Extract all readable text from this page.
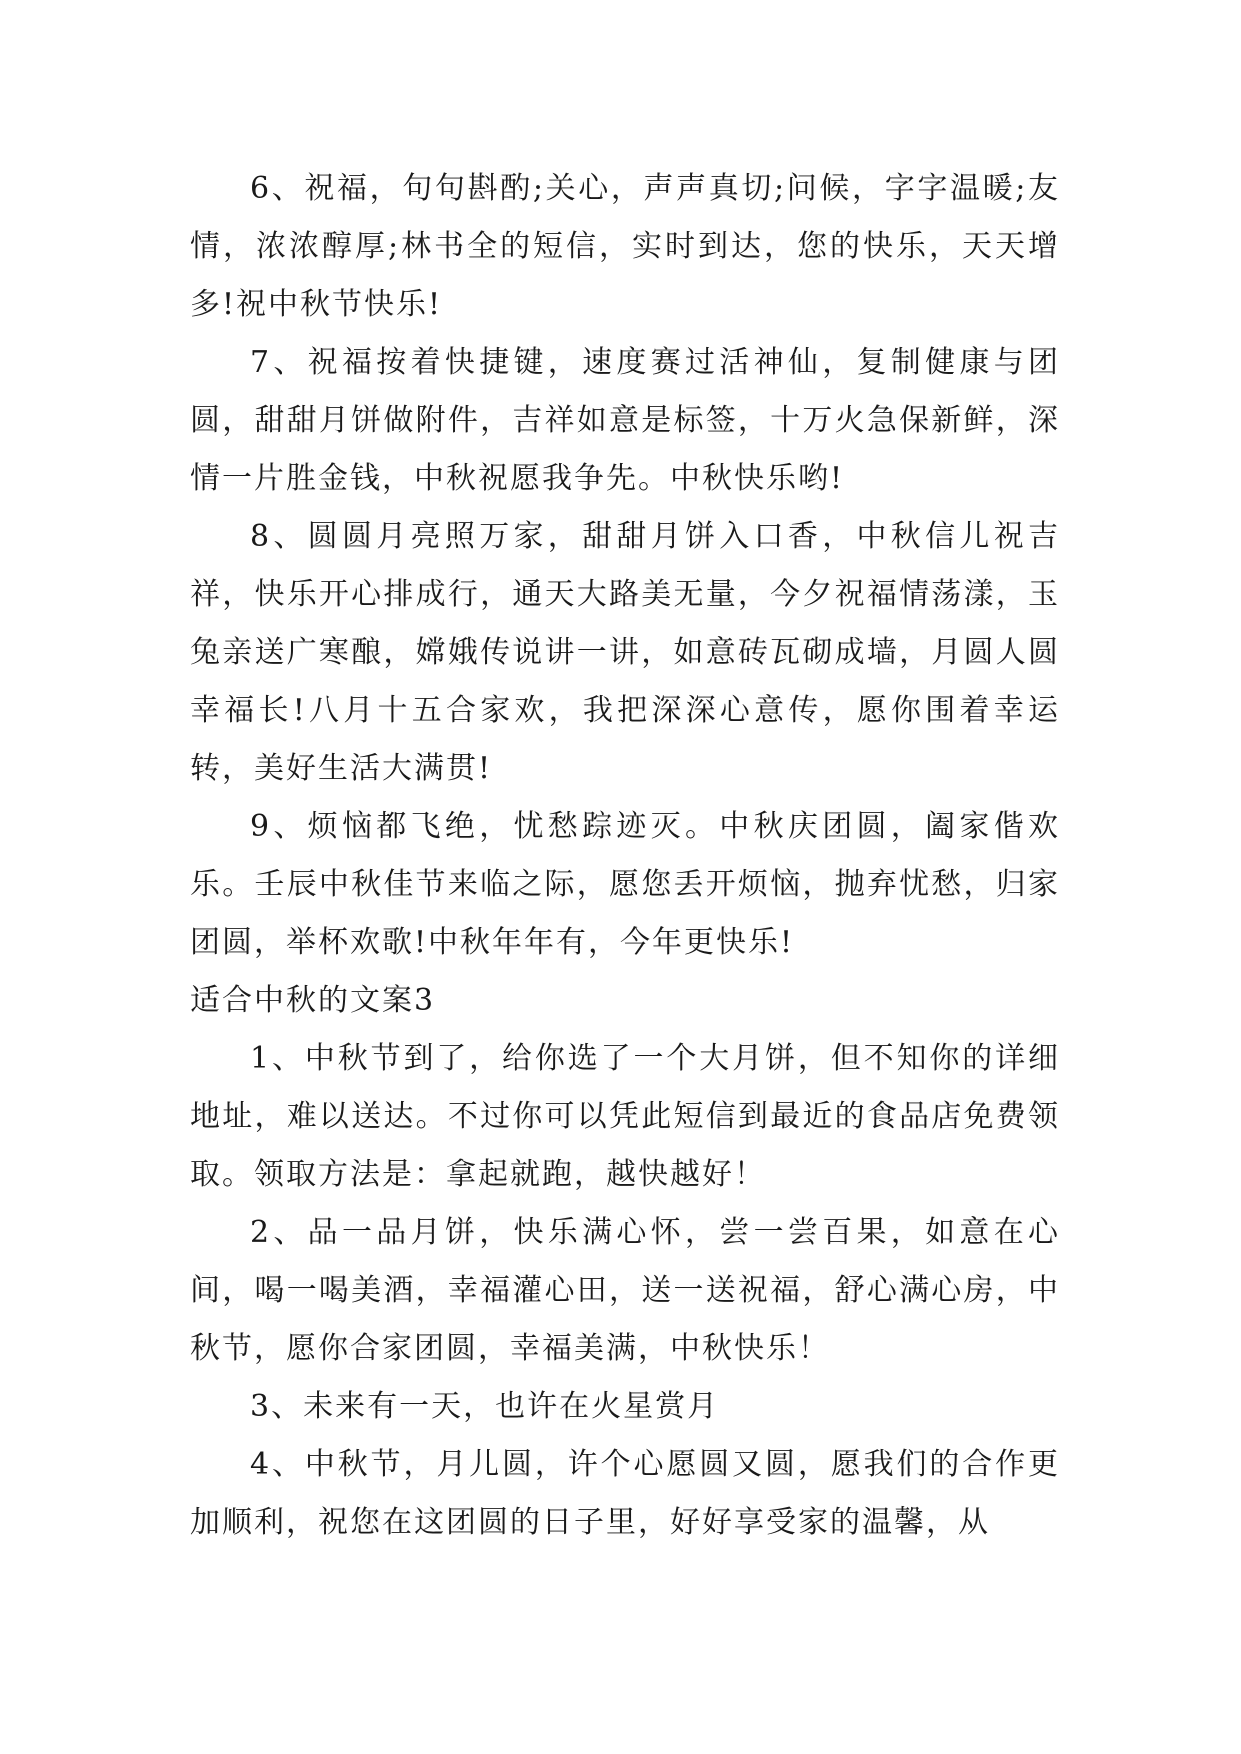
6、祝福，句句斟酌;关心，声声真切;问候，字字温暖;友情，浓浓醇厚;林书全的短信，实时到达，您的快乐，天天增多!祝中秋节快乐!

7、祝福按着快捷键，速度赛过活神仙，复制健康与团圆，甜甜月饼做附件，吉祥如意是标签，十万火急保新鲜，深情一片胜金钱，中秋祝愿我争先。中秋快乐哟!

8、圆圆月亮照万家，甜甜月饼入口香，中秋信儿祝吉祥，快乐开心排成行，通天大路美无量，今夕祝福情荡漾，玉兔亲送广寒酿，嫦娥传说讲一讲，如意砖瓦砌成墙，月圆人圆幸福长!八月十五合家欢，我把深深心意传，愿你围着幸运转，美好生活大满贯!

9、烦恼都飞绝，忧愁踪迹灭。中秋庆团圆，阖家偕欢乐。壬辰中秋佳节来临之际，愿您丢开烦恼，抛弃忧愁，归家团圆，举杯欢歌!中秋年年有，今年更快乐!

适合中秋的文案3

1、中秋节到了，给你选了一个大月饼，但不知你的详细地址，难以送达。不过你可以凭此短信到最近的食品店免费领取。领取方法是：拿起就跑，越快越好！

2、品一品月饼，快乐满心怀，尝一尝百果，如意在心间，喝一喝美酒，幸福灌心田，送一送祝福，舒心满心房，中秋节，愿你合家团圆，幸福美满，中秋快乐！

3、未来有一天，也许在火星赏月

4、中秋节，月儿圆，许个心愿圆又圆，愿我们的合作更加顺利，祝您在这团圆的日子里，好好享受家的温馨，从
